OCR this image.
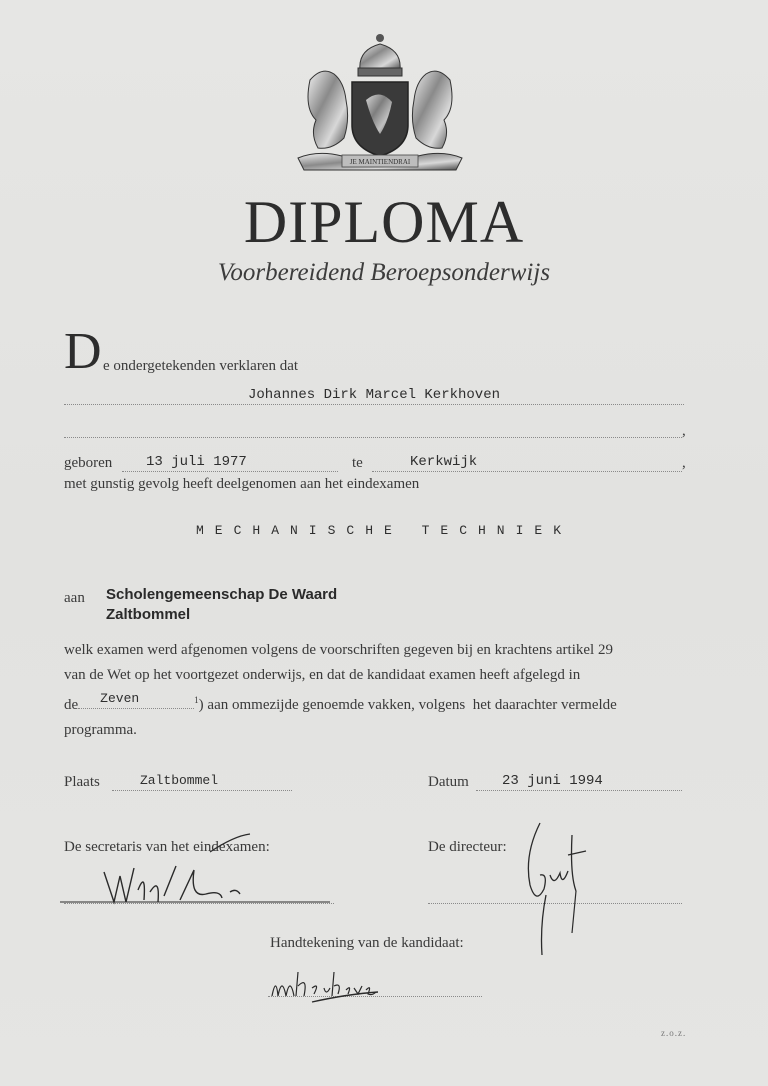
JE MAINTIENDRAI
DIPLOMA
Voorbereidend Beroepsonderwijs
D e ondergetekenden verklaren dat
Johannes Dirk Marcel Kerkhoven
,
geboren 13 juli 1977	te	Kerkwijk	,
met gunstig gevolg heeft deelgenomen aan het eindexamen
MECHANISCHE TECHNIEK
aan Scholengemeenschap De Waard
Zaltbommel
welk examen werd afgenomen volgens de voorschriften gegeven bij en krachtens artikel 29
van de Wet op het voortgezet onderwijs, en dat de kandidaat examen heeft afgelegd in
de Zeven	$^1$) aan ommezijde genoemde vakken, volgens  het daarachter vermelde
programma.
Plaats	Zaltbommel	Datum 23 juni 1994
De secretaris van het eindexamen:	De directeur:
Handtekening van de kandidaat:
z.o.z.
